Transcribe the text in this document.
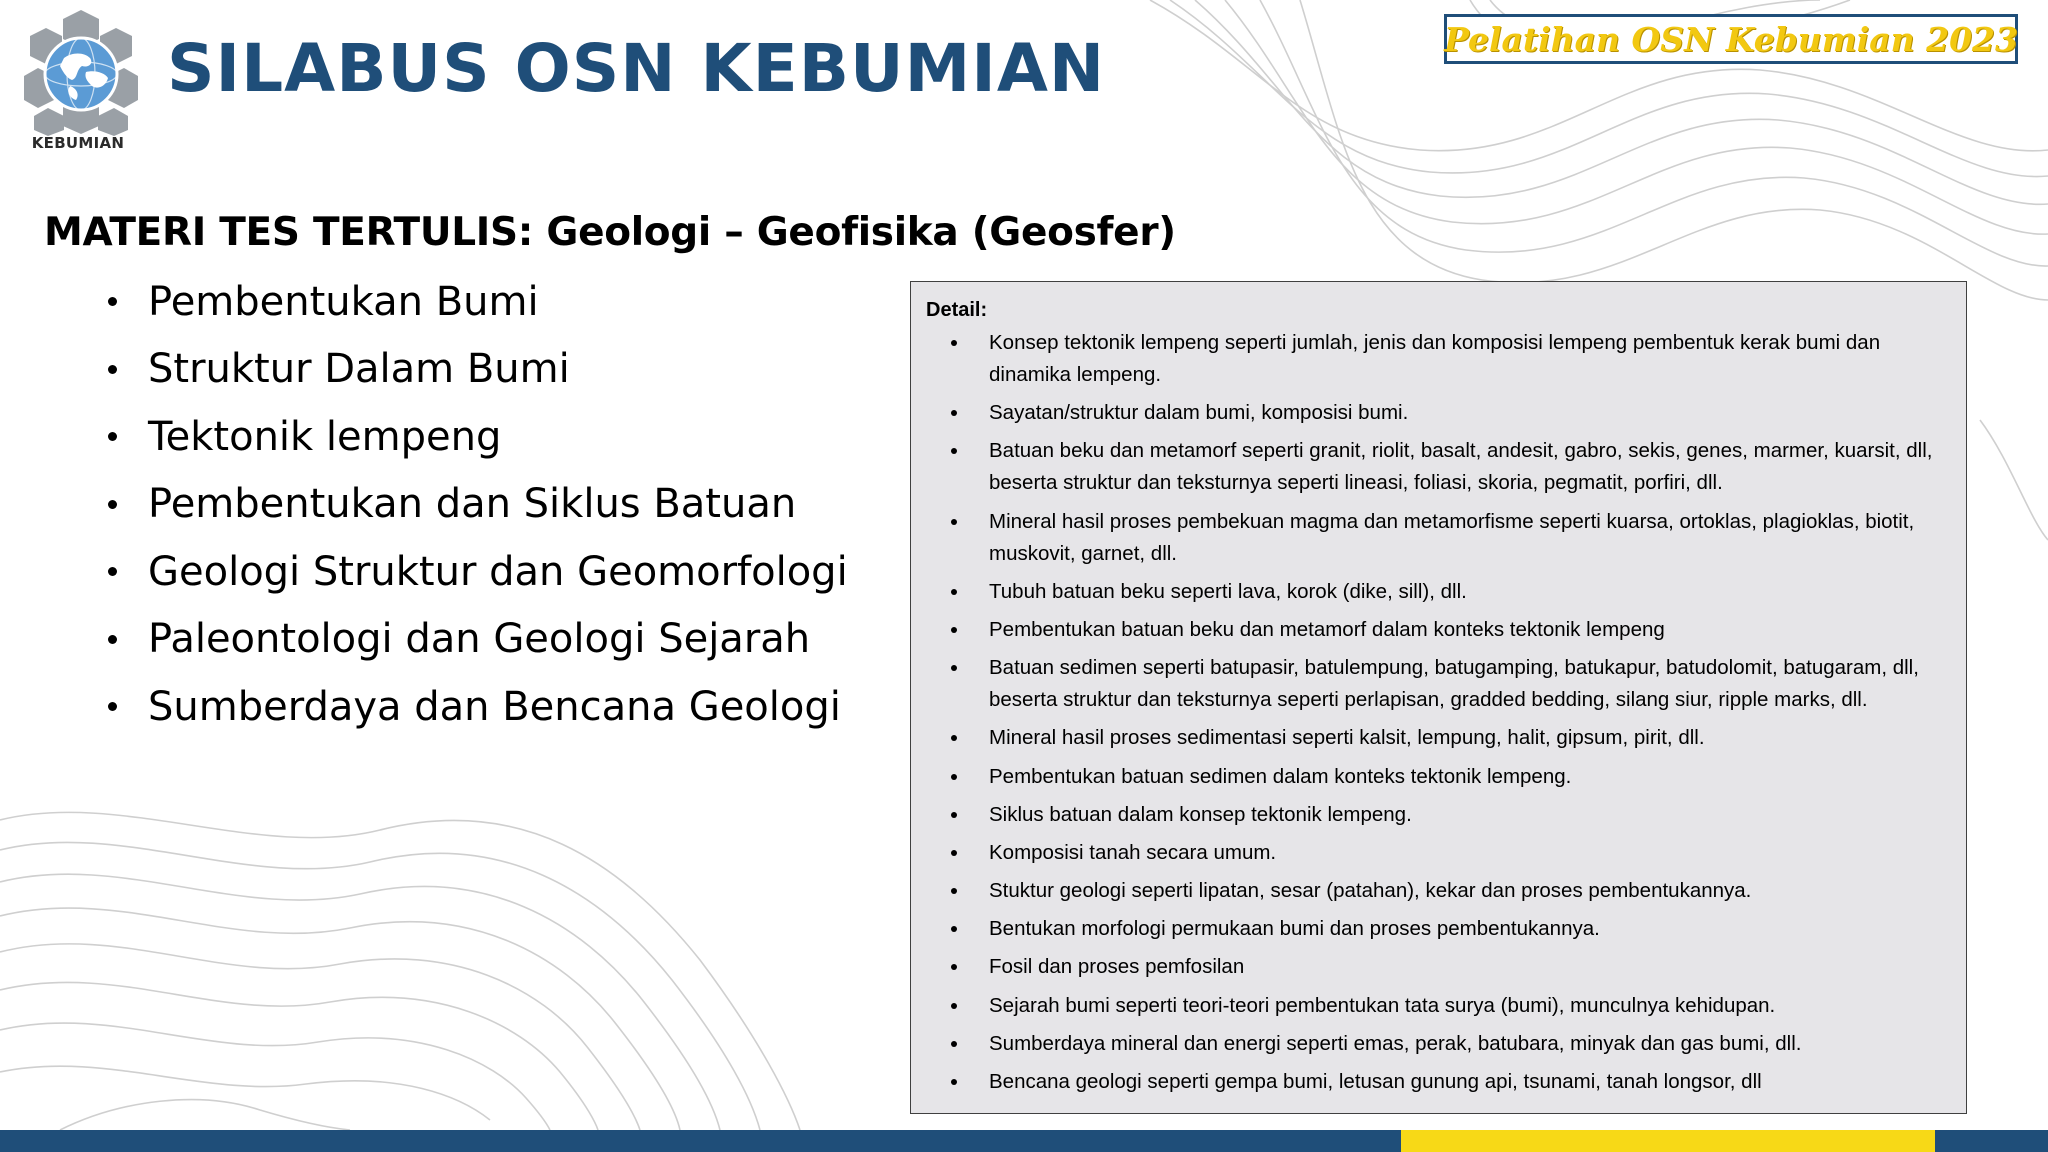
KEBUMIAN
SILABUS OSN KEBUMIAN	Pelatihan OSN Kebumian 2023
MATERI TES TERTULIS: Geologi – Geofisika (Geosfer)
Pembentukan Bumi
Struktur Dalam Bumi
Tektonik lempeng
Pembentukan dan Siklus Batuan
Geologi Struktur dan Geomorfologi
Paleontologi dan Geologi Sejarah
Sumberdaya dan Bencana Geologi
Detail:
Konsep tektonik lempeng seperti jumlah, jenis dan komposisi lempeng pembentuk kerak bumi dan dinamika lempeng.
Sayatan/struktur dalam bumi, komposisi bumi.
Batuan beku dan metamorf seperti granit, riolit, basalt, andesit, gabro, sekis, genes, marmer, kuarsit, dll, beserta struktur dan teksturnya seperti lineasi, foliasi, skoria, pegmatit, porfiri, dll.
Mineral hasil proses pembekuan magma dan metamorfisme seperti kuarsa, ortoklas, plagioklas, biotit, muskovit, garnet, dll.
Tubuh batuan beku seperti lava, korok (dike, sill), dll.
Pembentukan batuan beku dan metamorf dalam konteks tektonik lempeng
Batuan sedimen seperti batupasir, batulempung, batugamping, batukapur, batudolomit, batugaram, dll, beserta struktur dan teksturnya seperti perlapisan, gradded bedding, silang siur, ripple marks, dll.
Mineral hasil proses sedimentasi seperti kalsit, lempung, halit, gipsum, pirit, dll.
Pembentukan batuan sedimen dalam konteks tektonik lempeng.
Siklus batuan dalam konsep tektonik lempeng.
Komposisi tanah secara umum.
Stuktur geologi seperti lipatan, sesar (patahan), kekar dan proses pembentukannya.
Bentukan morfologi permukaan bumi dan proses pembentukannya.
Fosil dan proses pemfosilan
Sejarah bumi seperti teori-teori pembentukan tata surya (bumi), munculnya kehidupan.
Sumberdaya mineral dan energi seperti emas, perak, batubara, minyak dan gas bumi, dll.
Bencana geologi seperti gempa bumi, letusan gunung api, tsunami, tanah longsor, dll
